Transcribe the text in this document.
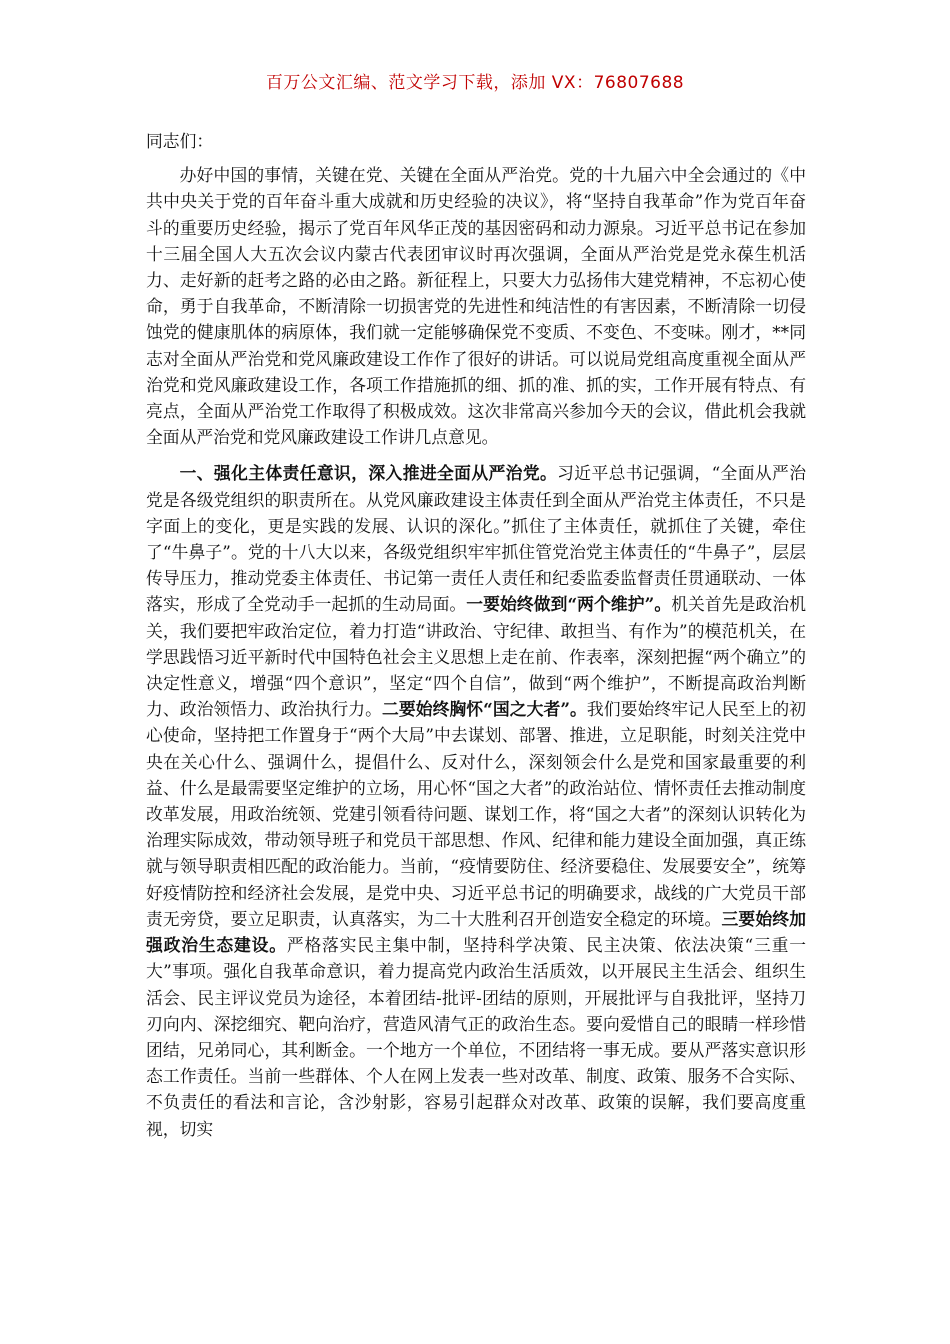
百万公文汇编、范文学习下载，添加 VX：76807688

同志们：

办好中国的事情，关键在党、关键在全面从严治党。党的十九届六中全会通过的《中共中央关于党的百年奋斗重大成就和历史经验的决议》，将“坚持自我革命”作为党百年奋斗的重要历史经验，揭示了党百年风华正茂的基因密码和动力源泉。习近平总书记在参加十三届全国人大五次会议内蒙古代表团审议时再次强调，全面从严治党是党永葆生机活力、走好新的赶考之路的必由之路。新征程上，只要大力弘扬伟大建党精神，不忘初心使命，勇于自我革命，不断清除一切损害党的先进性和纯洁性的有害因素，不断清除一切侵蚀党的健康肌体的病原体，我们就一定能够确保党不变质、不变色、不变味。刚才，**同志对全面从严治党和党风廉政建设工作作了很好的讲话。可以说局党组高度重视全面从严治党和党风廉政建设工作，各项工作措施抓的细、抓的准、抓的实，工作开展有特点、有亮点，全面从严治党工作取得了积极成效。这次非常高兴参加今天的会议，借此机会我就全面从严治党和党风廉政建设工作讲几点意见。

一、强化主体责任意识，深入推进全面从严治党。习近平总书记强调，“全面从严治党是各级党组织的职责所在。从党风廉政建设主体责任到全面从严治党主体责任，不只是字面上的变化，更是实践的发展、认识的深化。”抓住了主体责任，就抓住了关键，牵住了“牛鼻子”。党的十八大以来，各级党组织牢牢抓住管党治党主体责任的“牛鼻子”，层层传导压力，推动党委主体责任、书记第一责任人责任和纪委监委监督责任贯通联动、一体落实，形成了全党动手一起抓的生动局面。一要始终做到“两个维护”。机关首先是政治机关，我们要把牢政治定位，着力打造“讲政治、守纪律、敢担当、有作为”的模范机关，在学思践悟习近平新时代中国特色社会主义思想上走在前、作表率，深刻把握“两个确立”的决定性意义，增强“四个意识”，坚定“四个自信”，做到“两个维护”，不断提高政治判断力、政治领悟力、政治执行力。二要始终胸怀“国之大者”。我们要始终牢记人民至上的初心使命，坚持把工作置身于“两个大局”中去谋划、部署、推进，立足职能，时刻关注党中央在关心什么、强调什么，提倡什么、反对什么，深刻领会什么是党和国家最重要的利益、什么是最需要坚定维护的立场，用心怀“国之大者”的政治站位、情怀责任去推动制度改革发展，用政治统领、党建引领看待问题、谋划工作，将“国之大者”的深刻认识转化为治理实际成效，带动领导班子和党员干部思想、作风、纪律和能力建设全面加强，真正练就与领导职责相匹配的政治能力。当前，“疫情要防住、经济要稳住、发展要安全”，统筹好疫情防控和经济社会发展，是党中央、习近平总书记的明确要求，战线的广大党员干部责无旁贷，要立足职责，认真落实，为二十大胜利召开创造安全稳定的环境。三要始终加强政治生态建设。严格落实民主集中制，坚持科学决策、民主决策、依法决策“三重一大”事项。强化自我革命意识，着力提高党内政治生活质效，以开展民主生活会、组织生活会、民主评议党员为途径，本着团结-批评-团结的原则，开展批评与自我批评，坚持刀刃向内、深挖细究、靶向治疗，营造风清气正的政治生态。要向爱惜自己的眼睛一样珍惜团结，兄弟同心，其利断金。一个地方一个单位，不团结将一事无成。要从严落实意识形态工作责任。当前一些群体、个人在网上发表一些对改革、制度、政策、服务不合实际、不负责任的看法和言论，含沙射影，容易引起群众对改革、政策的误解，我们要高度重视，切实
